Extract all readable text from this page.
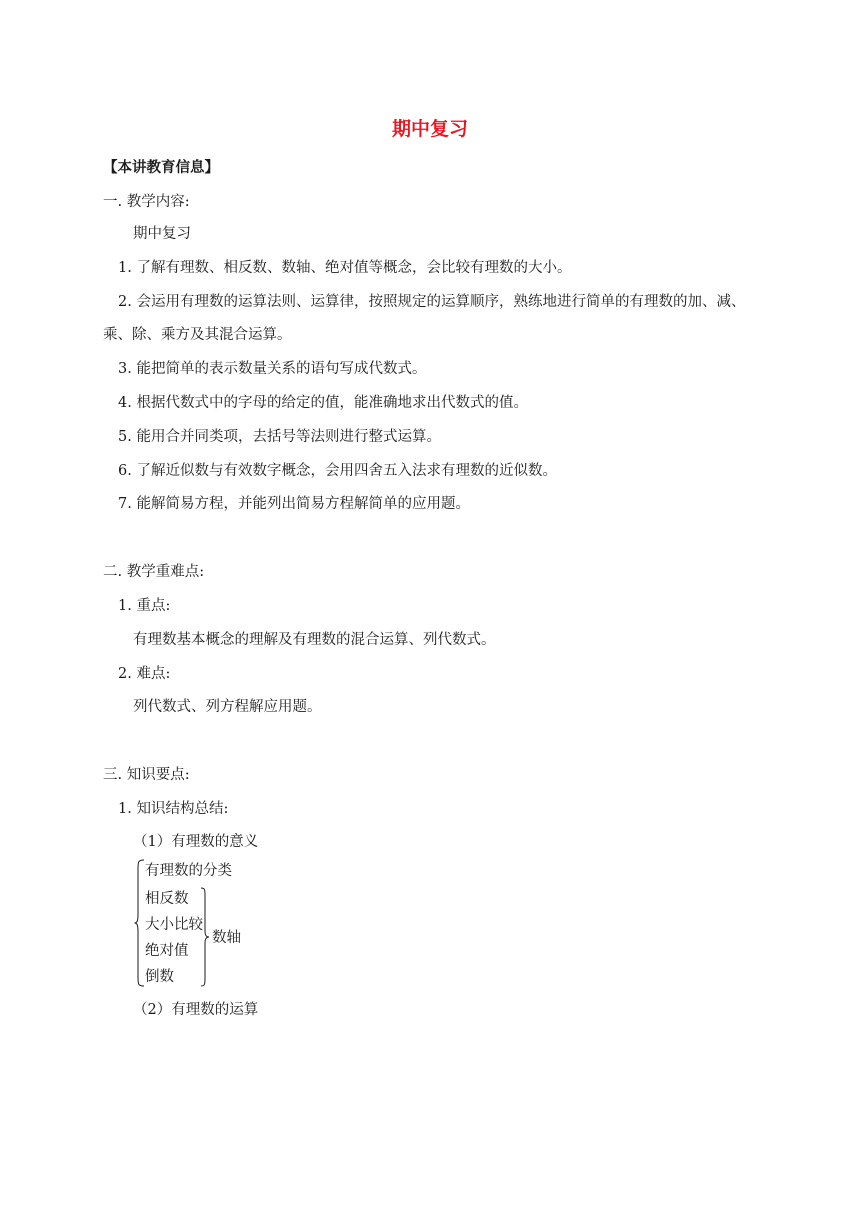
期中复习
【本讲教育信息】
一. 教学内容:
期中复习
1. 了解有理数、相反数、数轴、绝对值等概念，会比较有理数的大小。
2. 会运用有理数的运算法则、运算律，按照规定的运算顺序，熟练地进行简单的有理数的加、减、
乘、除、乘方及其混合运算。
3. 能把简单的表示数量关系的语句写成代数式。
4. 根据代数式中的字母的给定的值，能准确地求出代数式的值。
5. 能用合并同类项，去括号等法则进行整式运算。
6. 了解近似数与有效数字概念，会用四舍五入法求有理数的近似数。
7. 能解简易方程，并能列出简易方程解简单的应用题。
二. 教学重难点:
1. 重点:
有理数基本概念的理解及有理数的混合运算、列代数式。
2. 难点:
列代数式、列方程解应用题。
三. 知识要点:
1. 知识结构总结:
（1）有理数的意义
有理数的分类
相反数
大小比较
绝对值
倒数
数轴
（2）有理数的运算
